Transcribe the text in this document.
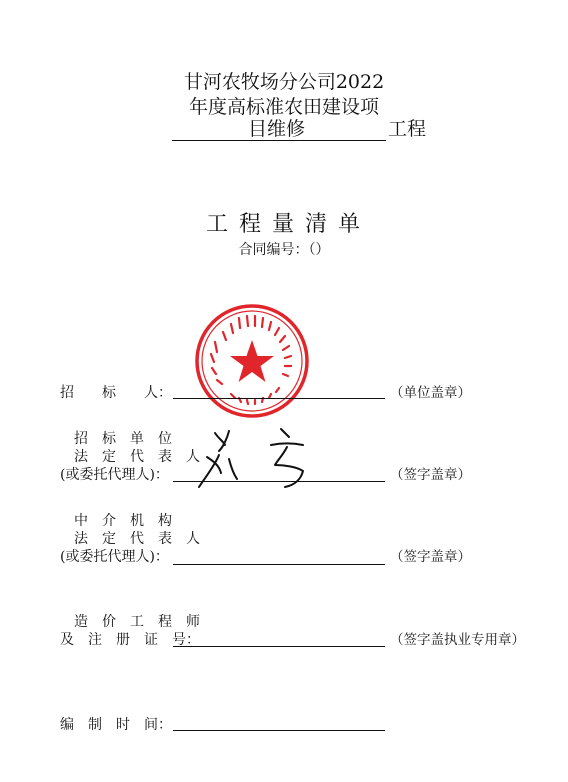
甘河农牧场分公司2022
年度高标准农田建设项
目维修	工程
工 程 量 清 单
合同编号：（）
招　　标　　人：	（单位盖章）
招　标　单　位
法　定　代　表　人
(或委托代理人)：	（签字盖章）
中　介　机　构
法　定　代　表　人
(或委托代理人)：	（签字盖章）
造　价　工　程　师
及　注　册　证　号：	（签字盖执业专用章）
编　制　时　间：
